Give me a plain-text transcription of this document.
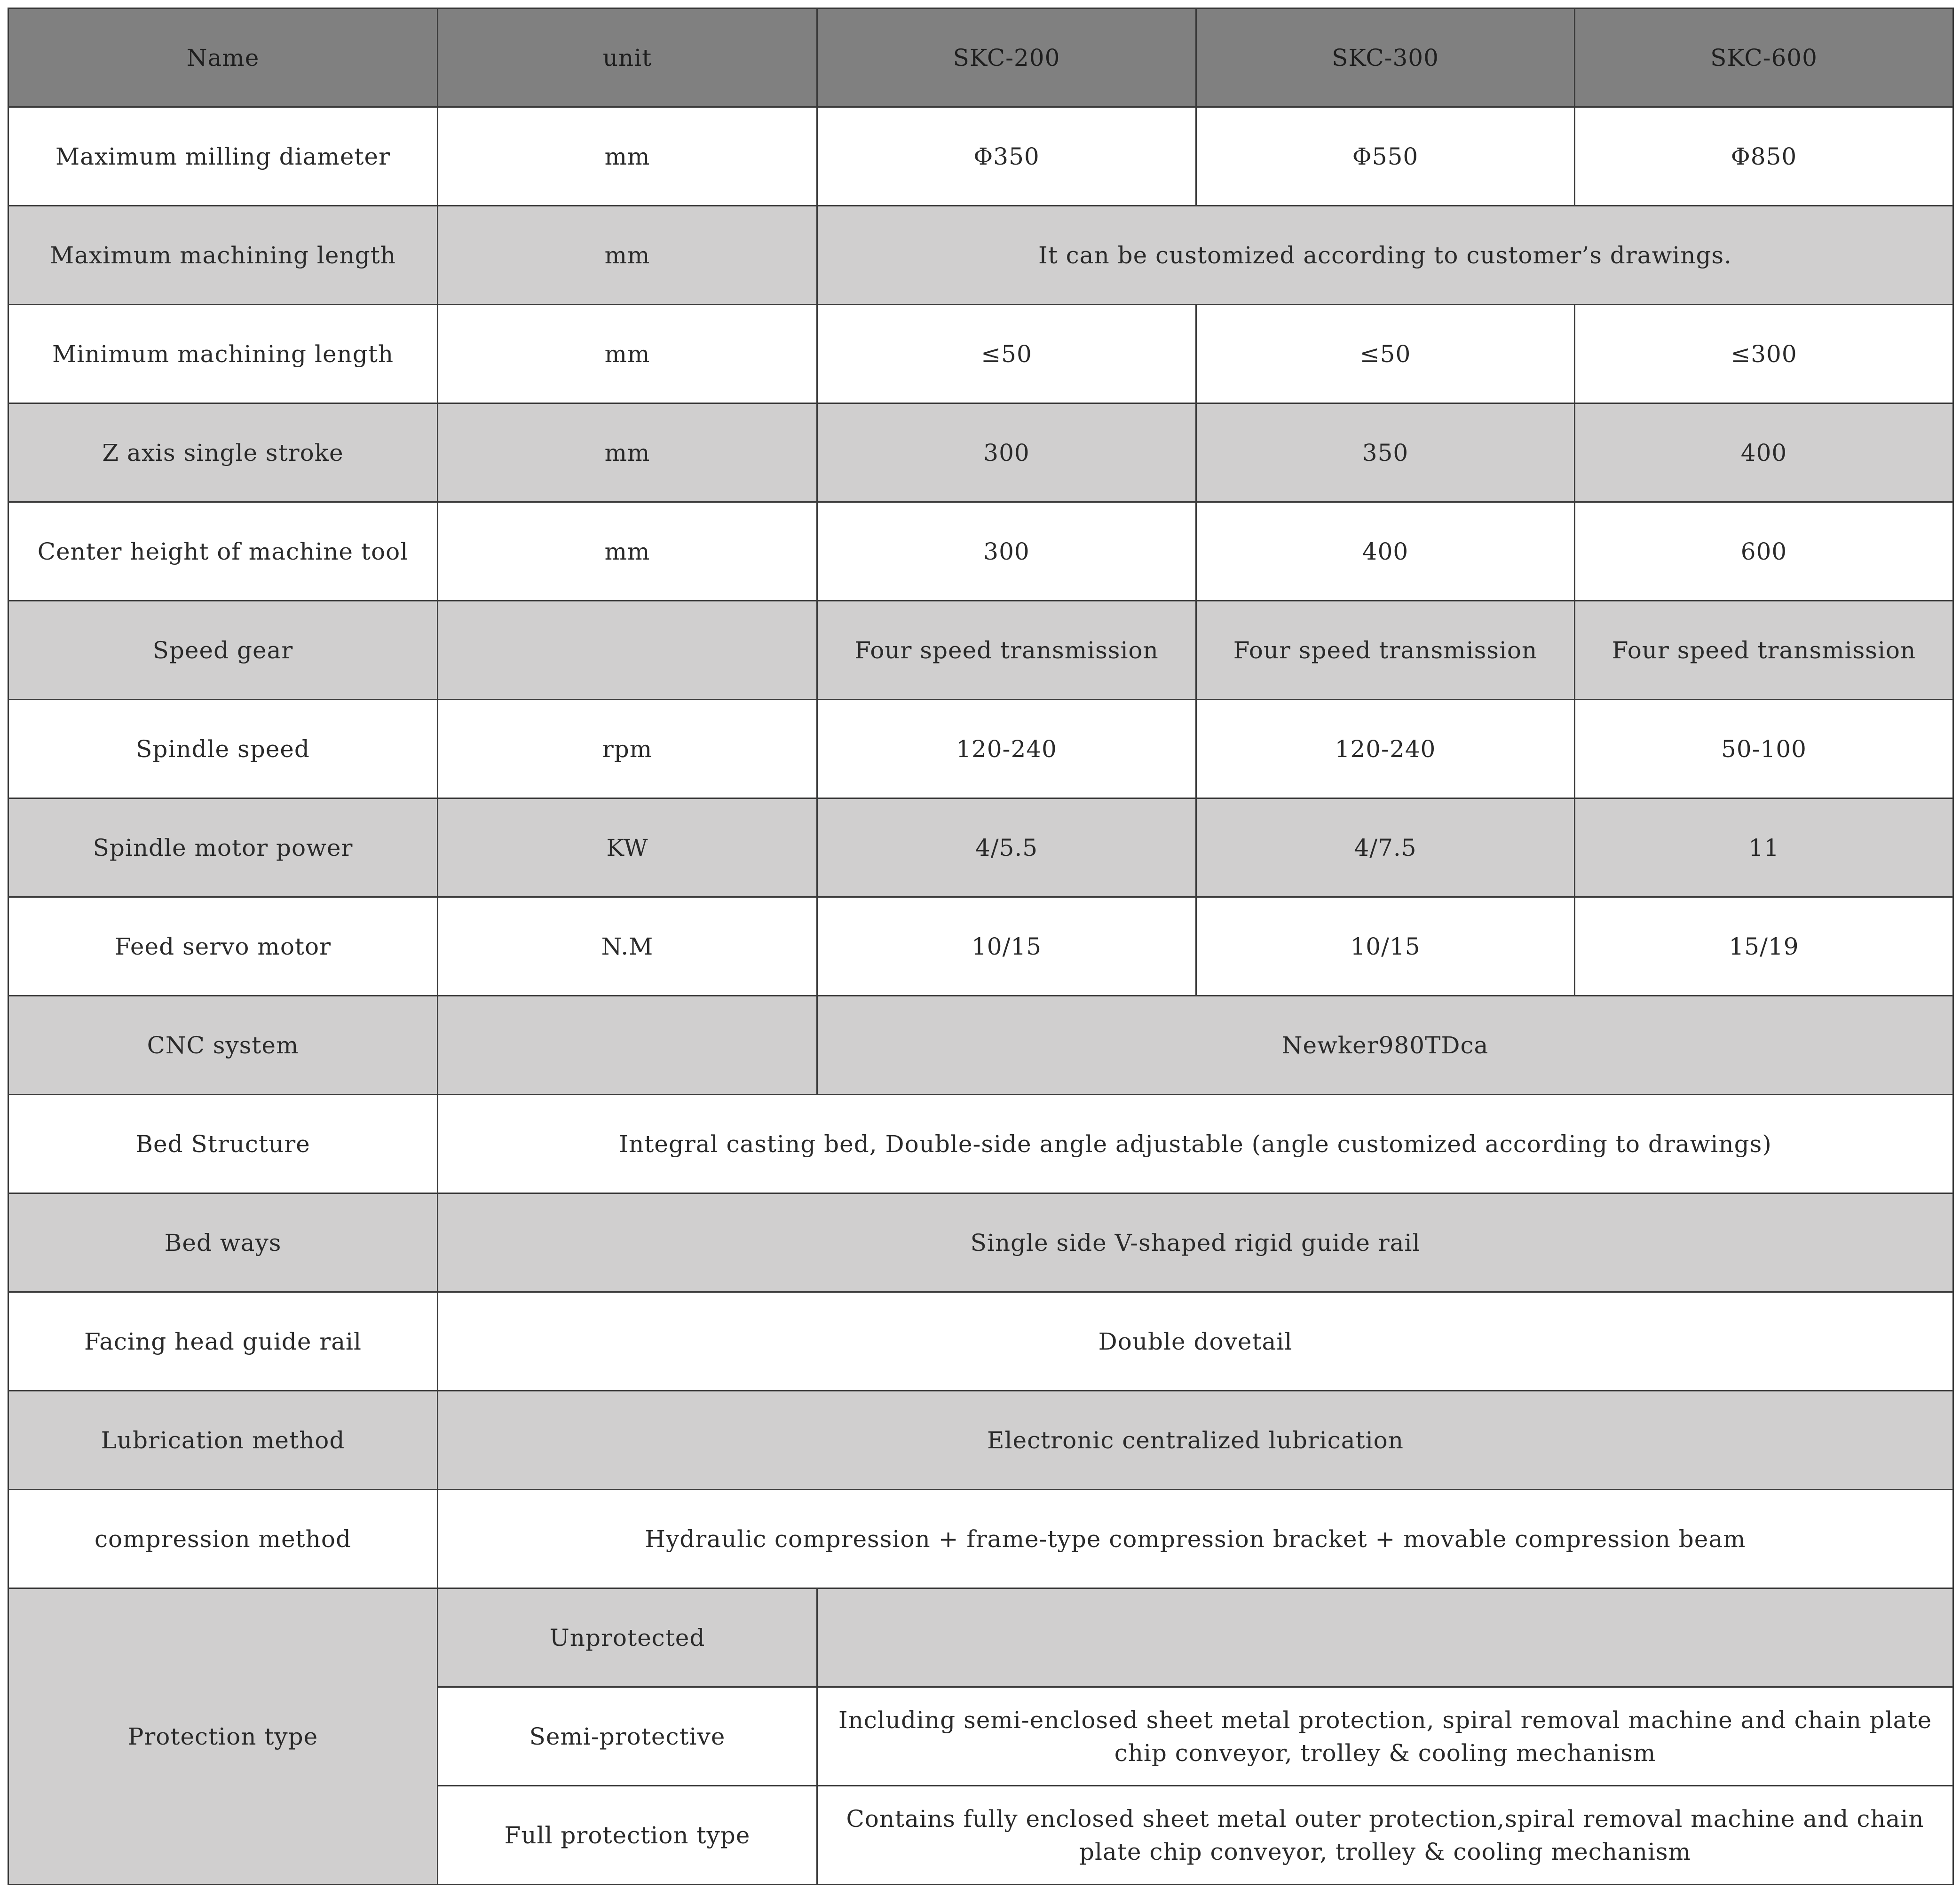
Name	unit	SKC-200	SKC-300	SKC-600
Maximum milling diameter	mm	Φ350	Φ550	Φ850
Maximum machining length	mm	It can be customized according to customer’s drawings.		
Minimum machining length	mm	≤50	≤50	≤300
Z axis single stroke	mm	300	350	400
Center height of machine tool	mm	300	400	600
Speed gear		Four speed transmission	Four speed transmission	Four speed transmission
Spindle speed	rpm	120-240	120-240	50-100
Spindle motor power	KW	4/5.5	4/7.5	11
Feed servo motor	N.M	10/15	10/15	15/19
CNC system		Newker980TDca		
Bed Structure	Integral casting bed, Double-side angle adjustable (angle customized according to drawings)			
Bed ways	Single side V-shaped rigid guide rail			
Facing head guide rail	Double dovetail			
Lubrication method	Electronic centralized lubrication			
compression method	Hydraulic compression + frame-type compression bracket + movable compression beam			
Protection type	Unprotected			
	Semi-protective	Including semi-enclosed sheet metal protection, spiral removal machine and chain plate chip conveyor, trolley & cooling mechanism		
	Full protection type	Contains fully enclosed sheet metal outer protection,spiral removal machine and chain plate chip conveyor, trolley & cooling mechanism		
